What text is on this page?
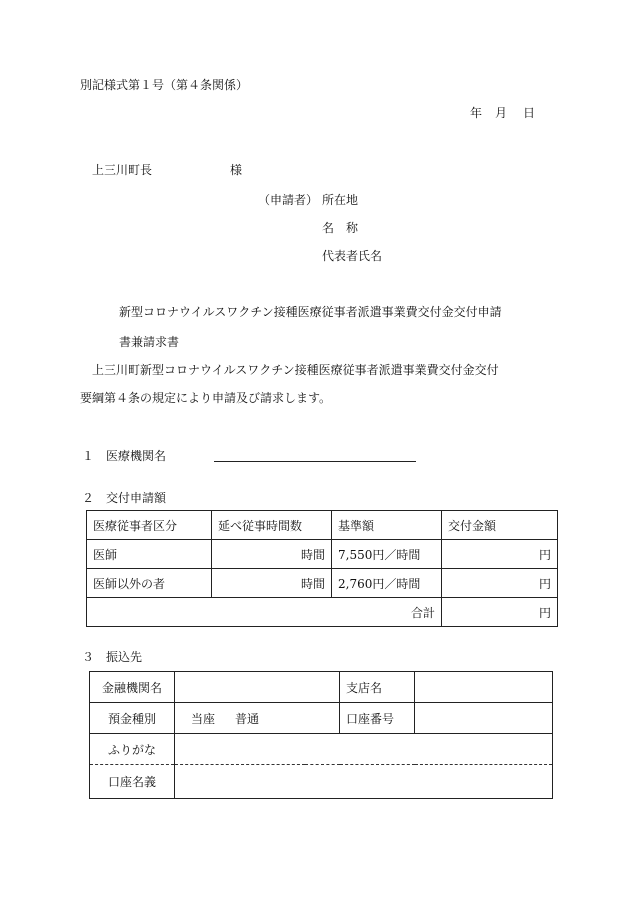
別記様式第１号（第４条関係）
年 月 日
上三川町長	様
（申請者） 所在地
名　称
代表者氏名
新型コロナウイルスワクチン接種医療従事者派遣事業費交付金交付申請
書兼請求書
上三川町新型コロナウイルスワクチン接種医療従事者派遣事業費交付金交付
要綱第４条の規定により申請及び請求します。
１ 医療機関名
２ 交付申請額
医療従事者区分	延べ従事時間数	基準額	交付金額
医師	時間	7,550円／時間	円
医師以外の者	時間	2,760円／時間	円
合計			円
３ 振込先
金融機関名		支店名	
預金種別	当座 普通	口座番号	
ふりがな			
口座名義			
